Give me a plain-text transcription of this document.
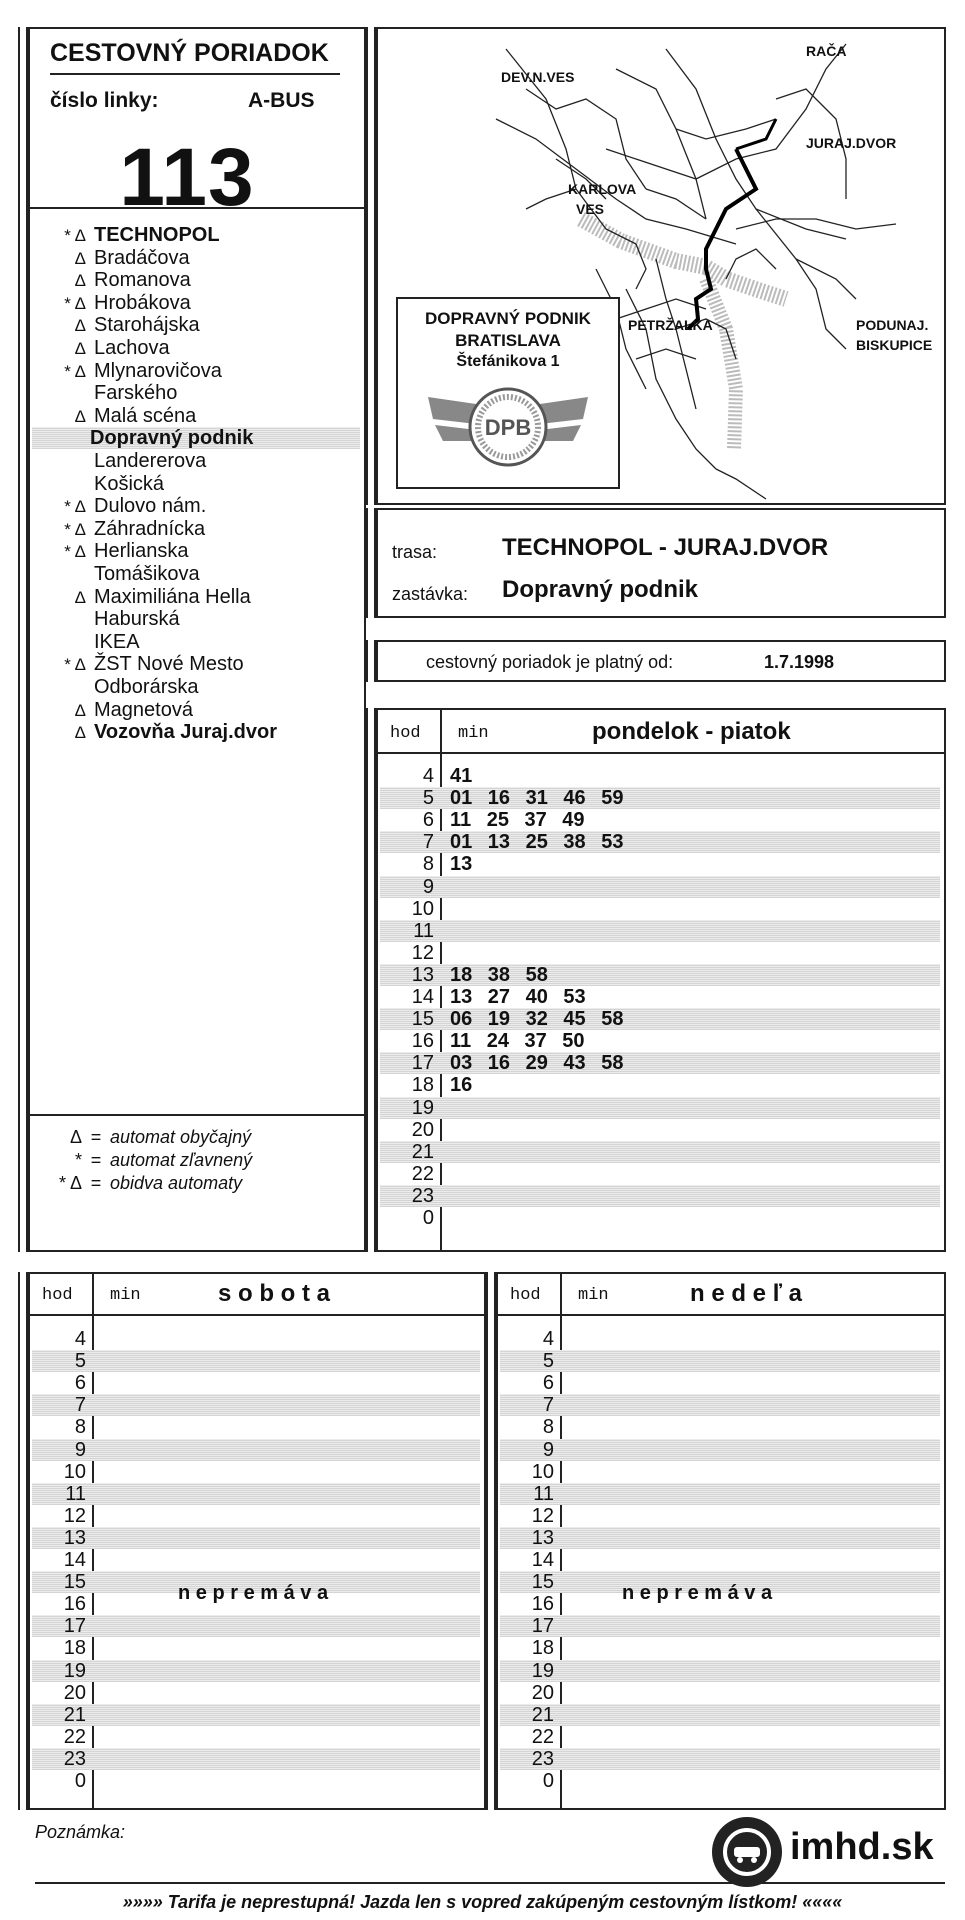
CESTOVNÝ PORIADOK
číslo linky:	A-BUS
113
* Δ TECHNOPOL
Δ Bradáčova
Δ Romanova
* Δ Hrobákova
Δ Starohájska
Δ Lachova
* Δ Mlynarovičova
Farského
Δ Malá scéna
Dopravný podnik
Landererova
Košická
* Δ Dulovo nám.
* Δ Záhradnícka
* Δ Herlianska
Tomášikova
Δ Maximiliána Hella
Haburská
IKEA
* Δ ŽST Nové Mesto
Odborárska
Δ Magnetová
Δ Vozovňa Juraj.dvor
Δ = automat obyčajný
* = automat zľavnený
* Δ = obidva automaty
DEV.N.VES
RAČA
JURAJ.DVOR
KARLOVA
VES
PETRŽALKA	PODUNAJ.
BISKUPICE
DOPRAVNÝ PODNIK
BRATISLAVA
Štefánikova 1
DPB
trasa:	TECHNOPOL - JURAJ.DVOR
zastávka: Dopravný podnik
cestovný poriadok je platný od:	1.7.1998
hod min	pondelok - piatok
4 41
5 01 16 31 46 59
6 11 25 37 49
7 01 13 25 38 53
8 13
9
10
11
12
13 18 38 58
14 13 27 40 53
15 06 19 32 45 58
16 11 24 37 50
17 03 16 29 43 58
18 16
19
20
21
22
23
0
hod min	s o b o t a
4
5
6
7
8
9
10
11
12
13
14
15
16
17
18
19
20
21
22
23
0
n e p r e m á v a
hod min	n e d e ľ a
4
5
6
7
8
9
10
11
12
13
14
15
16
17
18
19
20
21
22
23
0
n e p r e m á v a
Poznámka:	imhd.sk
»»»» Tarifa je neprestupná! Jazda len s vopred zakúpeným cestovným lístkom! ««««
